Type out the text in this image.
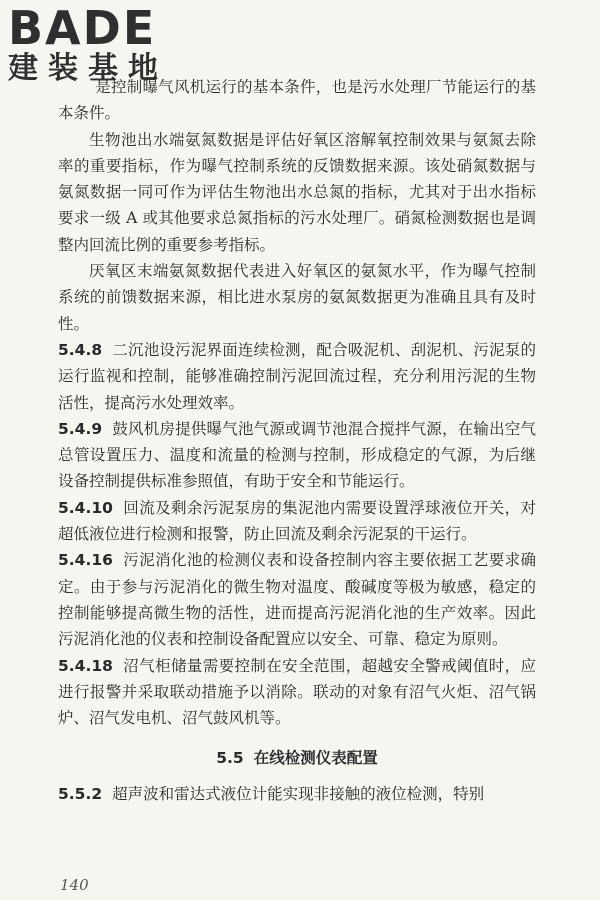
BADE
建装基地

是控制曝气风机运行的基本条件，也是污水处理厂节能运行的基本条件。

生物池出水端氨氮数据是评估好氧区溶解氧控制效果与氨氮去除率的重要指标，作为曝气控制系统的反馈数据来源。该处硝氮数据与氨氮数据一同可作为评估生物池出水总氮的指标，尤其对于出水指标要求一级 A 或其他要求总氮指标的污水处理厂。硝氮检测数据也是调整内回流比例的重要参考指标。

厌氧区末端氨氮数据代表进入好氧区的氨氮水平，作为曝气控制系统的前馈数据来源，相比进水泵房的氨氮数据更为准确且具有及时性。

5.4.8 二沉池设污泥界面连续检测，配合吸泥机、刮泥机、污泥泵的运行监视和控制，能够准确控制污泥回流过程，充分利用污泥的生物活性，提高污水处理效率。

5.4.9 鼓风机房提供曝气池气源或调节池混合搅拌气源，在输出空气总管设置压力、温度和流量的检测与控制，形成稳定的气源，为后继设备控制提供标准参照值，有助于安全和节能运行。

5.4.10 回流及剩余污泥泵房的集泥池内需要设置浮球液位开关，对超低液位进行检测和报警，防止回流及剩余污泥泵的干运行。

5.4.16 污泥消化池的检测仪表和设备控制内容主要依据工艺要求确定。由于参与污泥消化的微生物对温度、酸碱度等极为敏感，稳定的控制能够提高微生物的活性，进而提高污泥消化池的生产效率。因此污泥消化池的仪表和控制设备配置应以安全、可靠、稳定为原则。

5.4.18 沼气柜储量需要控制在安全范围，超越安全警戒阈值时，应进行报警并采取联动措施予以消除。联动的对象有沼气火炬、沼气锅炉、沼气发电机、沼气鼓风机等。

5.5 在线检测仪表配置

5.5.2 超声波和雷达式液位计能实现非接触的液位检测，特别

140
